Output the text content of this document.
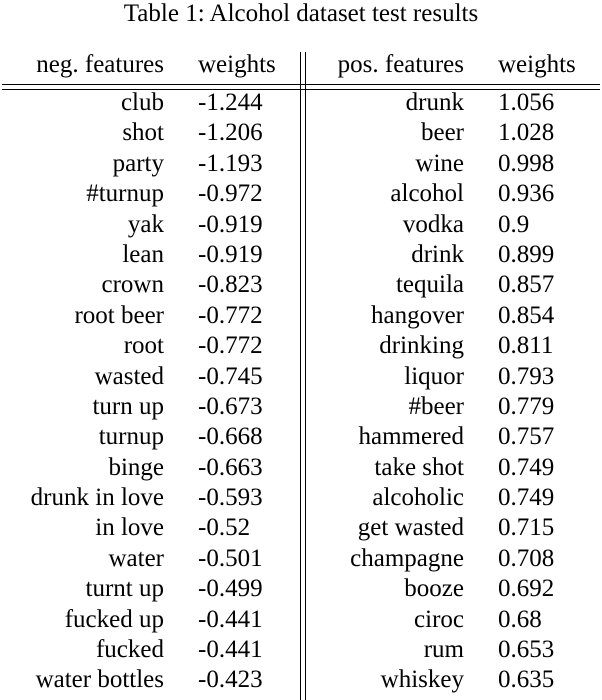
Table 1: Alcohol dataset test results
neg. features weights pos. features weights
club -1.244	drunk 1.056
shot -1.206	beer 1.028
party -1.193	wine 0.998
#turnup -0.972	alcohol 0.936
yak -0.919	vodka 0.9
lean -0.919	drink 0.899
crown -0.823	tequila 0.857
root beer -0.772	hangover 0.854
root -0.772	drinking 0.811
wasted -0.745	liquor 0.793
turn up -0.673	#beer 0.779
turnup -0.668	hammered 0.757
binge -0.663	take shot 0.749
drunk in love -0.593	alcoholic 0.749
in love -0.52	get wasted 0.715
water -0.501	champagne 0.708
turnt up -0.499	booze 0.692
fucked up -0.441	ciroc 0.68
fucked -0.441	rum 0.653
water bottles -0.423	whiskey 0.635
